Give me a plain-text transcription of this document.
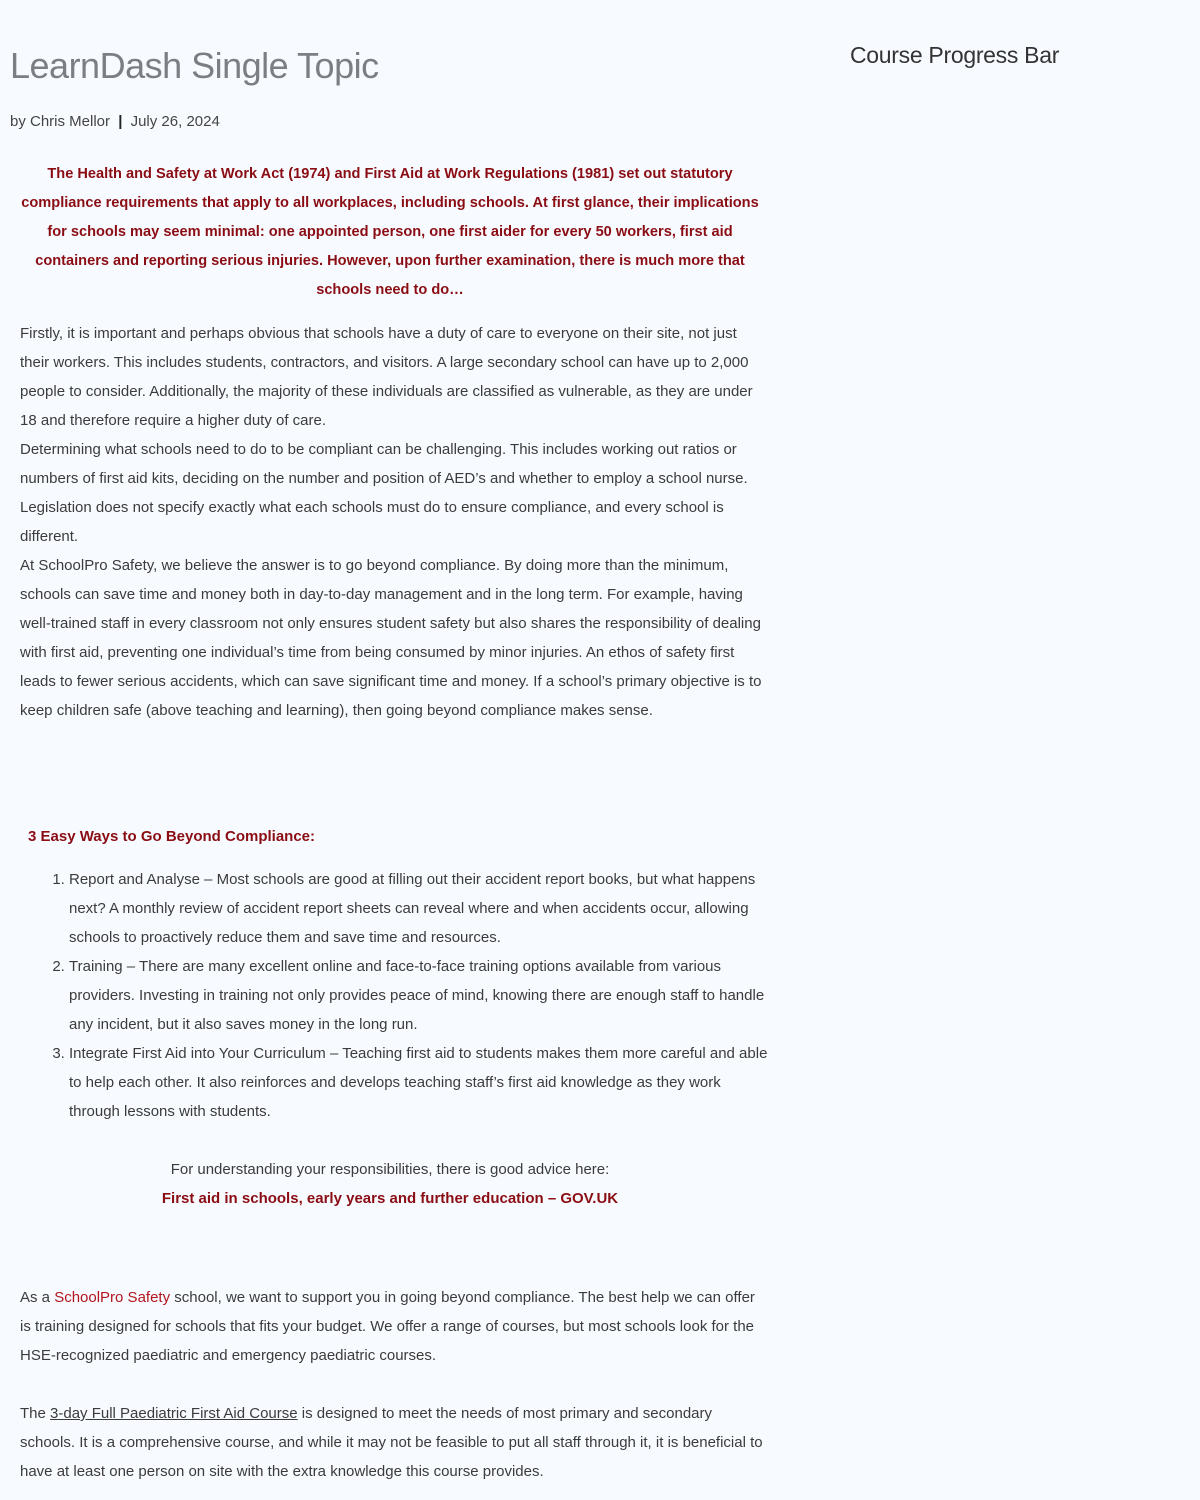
LearnDash Single Topic
by Chris Mellor | July 26, 2024
The Health and Safety at Work Act (1974) and First Aid at Work Regulations (1981) set out statutory compliance requirements that apply to all workplaces, including schools. At first glance, their implications for schools may seem minimal: one appointed person, one first aider for every 50 workers, first aid containers and reporting serious injuries. However, upon further examination, there is much more that schools need to do…

Firstly, it is important and perhaps obvious that schools have a duty of care to everyone on their site, not just their workers. This includes students, contractors, and visitors. A large secondary school can have up to 2,000 people to consider. Additionally, the majority of these individuals are classified as vulnerable, as they are under 18 and therefore require a higher duty of care.

Determining what schools need to do to be compliant can be challenging. This includes working out ratios or numbers of first aid kits, deciding on the number and position of AED’s and whether to employ a school nurse. Legislation does not specify exactly what each schools must do to ensure compliance, and every school is different.

At SchoolPro Safety, we believe the answer is to go beyond compliance. By doing more than the minimum, schools can save time and money both in day-to-day management and in the long term. For example, having well-trained staff in every classroom not only ensures student safety but also shares the responsibility of dealing with first aid, preventing one individual’s time from being consumed by minor injuries. An ethos of safety first leads to fewer serious accidents, which can save significant time and money. If a school’s primary objective is to keep children safe (above teaching and learning), then going beyond compliance makes sense.

3 Easy Ways to Go Beyond Compliance:
1. Report and Analyse – Most schools are good at filling out their accident report books, but what happens next? A monthly review of accident report sheets can reveal where and when accidents occur, allowing schools to proactively reduce them and save time and resources.
2. Training – There are many excellent online and face-to-face training options available from various providers. Investing in training not only provides peace of mind, knowing there are enough staff to handle any incident, but it also saves money in the long run.
3. Integrate First Aid into Your Curriculum – Teaching first aid to students makes them more careful and able to help each other. It also reinforces and develops teaching staff’s first aid knowledge as they work through lessons with students.
For understanding your responsibilities, there is good advice here:
First aid in schools, early years and further education – GOV.UK
As a SchoolPro Safety school, we want to support you in going beyond compliance. The best help we can offer is training designed for schools that fits your budget. We offer a range of courses, but most schools look for the HSE-recognized paediatric and emergency paediatric courses.
The 3-day Full Paediatric First Aid Course is designed to meet the needs of most primary and secondary schools. It is a comprehensive course, and while it may not be feasible to put all staff through it, it is beneficial to have at least one person on site with the extra knowledge this course provides.
Course Progress Bar
